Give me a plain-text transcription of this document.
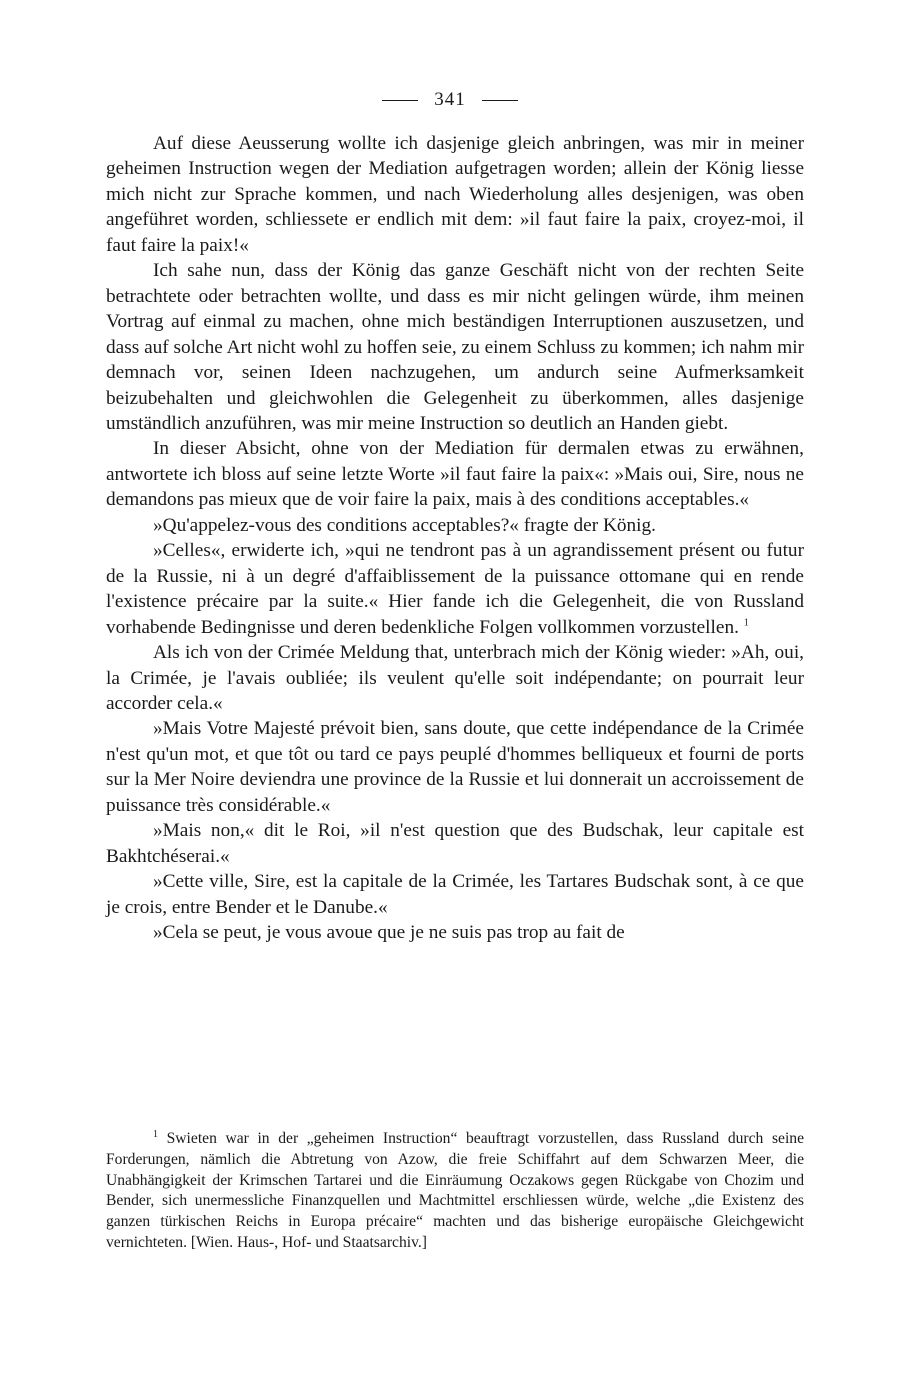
341

Auf diese Aeusserung wollte ich dasjenige gleich anbringen, was mir in meiner geheimen Instruction wegen der Mediation aufgetragen worden; allein der König liesse mich nicht zur Sprache kommen, und nach Wiederholung alles desjenigen, was oben angeführet worden, schliessete er endlich mit dem: »il faut faire la paix, croyez-moi, il faut faire la paix!«

Ich sahe nun, dass der König das ganze Geschäft nicht von der rechten Seite betrachtete oder betrachten wollte, und dass es mir nicht gelingen würde, ihm meinen Vortrag auf einmal zu machen, ohne mich beständigen Interruptionen auszusetzen, und dass auf solche Art nicht wohl zu hoffen seie, zu einem Schluss zu kommen; ich nahm mir demnach vor, seinen Ideen nachzugehen, um andurch seine Aufmerksamkeit beizubehalten und gleichwohlen die Gelegenheit zu überkommen, alles dasjenige umständlich anzuführen, was mir meine Instruction so deutlich an Handen giebt.

In dieser Absicht, ohne von der Mediation für dermalen etwas zu erwähnen, antwortete ich bloss auf seine letzte Worte »il faut faire la paix«: »Mais oui, Sire, nous ne demandons pas mieux que de voir faire la paix, mais à des conditions acceptables.«

»Qu'appelez-vous des conditions acceptables?« fragte der König.

»Celles«, erwiderte ich, »qui ne tendront pas à un agrandissement présent ou futur de la Russie, ni à un degré d'affaiblissement de la puissance ottomane qui en rende l'existence précaire par la suite.« Hier fande ich die Gelegenheit, die von Russland vorhabende Bedingnisse und deren bedenkliche Folgen vollkommen vorzustellen. $^1$

Als ich von der Crimée Meldung that, unterbrach mich der König wieder: »Ah, oui, la Crimée, je l'avais oubliée; ils veulent qu'elle soit indépendante; on pourrait leur accorder cela.«

»Mais Votre Majesté prévoit bien, sans doute, que cette indépendance de la Crimée n'est qu'un mot, et que tôt ou tard ce pays peuplé d'hommes belliqueux et fourni de ports sur la Mer Noire deviendra une province de la Russie et lui donnerait un accroissement de puissance très considérable.«

»Mais non,« dit le Roi, »il n'est question que des Budschak, leur capitale est Bakhtchéserai.«

»Cette ville, Sire, est la capitale de la Crimée, les Tartares Budschak sont, à ce que je crois, entre Bender et le Danube.«

»Cela se peut, je vous avoue que je ne suis pas trop au fait de

$^1$ Swieten war in der „geheimen Instruction“ beauftragt vorzustellen, dass Russland durch seine Forderungen, nämlich die Abtretung von Azow, die freie Schiffahrt auf dem Schwarzen Meer, die Unabhängigkeit der Krimschen Tartarei und die Einräumung Oczakows gegen Rückgabe von Chozim und Bender, sich unermessliche Finanzquellen und Machtmittel erschliessen würde, welche „die Existenz des ganzen türkischen Reichs in Europa précaire“ machten und das bisherige europäische Gleichgewicht vernichteten. [Wien. Haus-, Hof- und Staatsarchiv.]
